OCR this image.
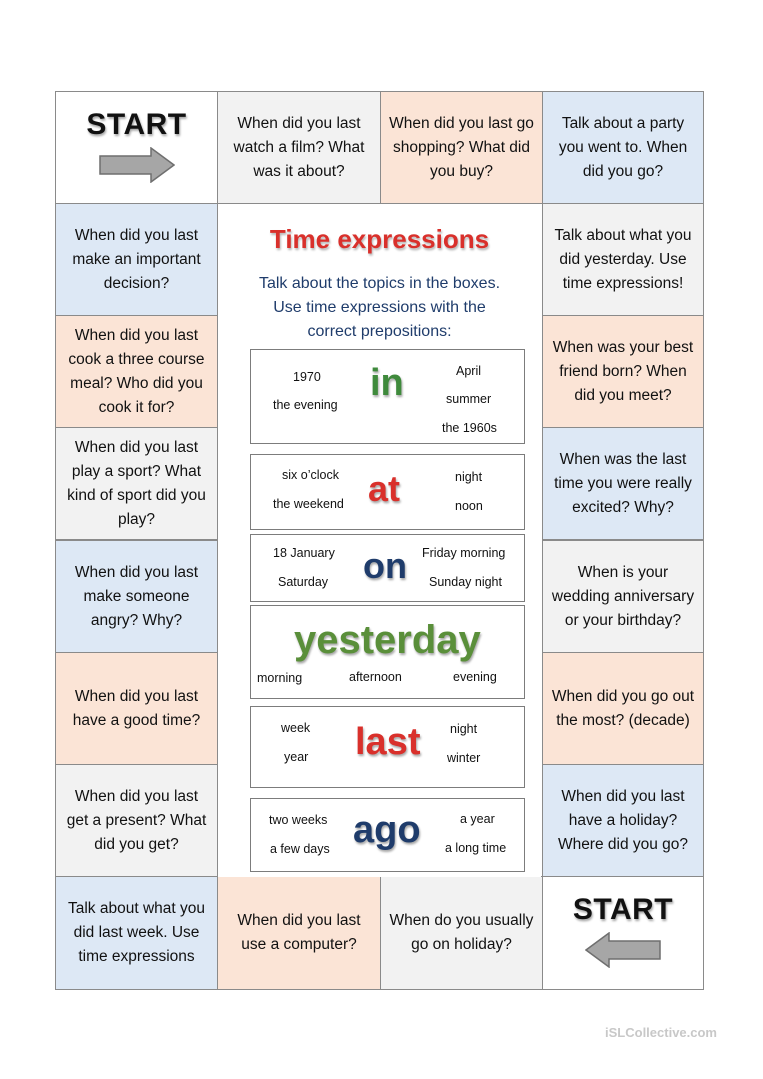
START	When did you last watch a film? What was it about?
When did you last go shopping? What did you buy?
Talk about a party you went to. When did you go?
When did you last make an important decision?
When did you last cook a three course meal? Who did you cook it for?
When did you last play a sport? What kind of sport did you play?
When did you last make someone angry? Why?
When did you last have a good time?
When did you last get a present? What did you get?
Talk about what you did yesterday. Use time expressions!
When was your best friend born? When did you meet?
When was the last time you were really excited? Why?
When is your wedding anniversary or your birthday?
When did you go out the most? (decade)
When did you last have a holiday? Where did you go?
Talk about what you did last week. Use time expressions
When did you last use a computer?
When do you usually go on holiday?
START
Time expressions
Talk about the topics in the boxes.
Use time expressions with the
correct prepositions:
1970
the evening
in	April
summer
the 1960s
six o’clock
the weekend at	night
noon
18 January
Saturday on Friday morning
Sunday night
yesterday
morning	afternoon	evening
week
year last night
winter
two weeks
a few days ago	a year
a long time
iSLCollective.com
